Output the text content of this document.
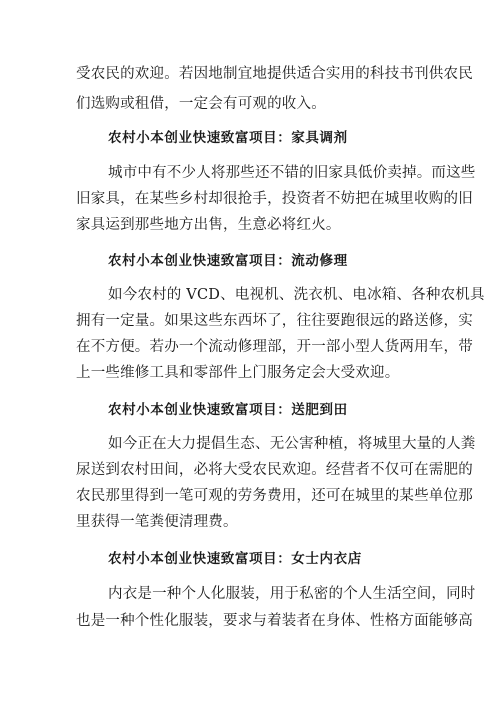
受农民的欢迎。若因地制宜地提供适合实用的科技书刊供农民
们选购或租借，一定会有可观的收入。
农村小本创业快速致富项目：家具调剂
城市中有不少人将那些还不错的旧家具低价卖掉。而这些
旧家具，在某些乡村却很抢手，投资者不妨把在城里收购的旧
家具运到那些地方出售，生意必将红火。
农村小本创业快速致富项目：流动修理
如今农村的 VCD、电视机、洗衣机、电冰箱、各种农机具
拥有一定量。如果这些东西坏了，往往要跑很远的路送修，实
在不方便。若办一个流动修理部，开一部小型人货两用车，带
上一些维修工具和零部件上门服务定会大受欢迎。
农村小本创业快速致富项目：送肥到田
如今正在大力提倡生态、无公害种植，将城里大量的人粪
尿送到农村田间，必将大受农民欢迎。经营者不仅可在需肥的
农民那里得到一笔可观的劳务费用，还可在城里的某些单位那
里获得一笔粪便清理费。
农村小本创业快速致富项目：女士内衣店
内衣是一种个人化服装，用于私密的个人生活空间，同时
也是一种个性化服装，要求与着装者在身体、性格方面能够高
